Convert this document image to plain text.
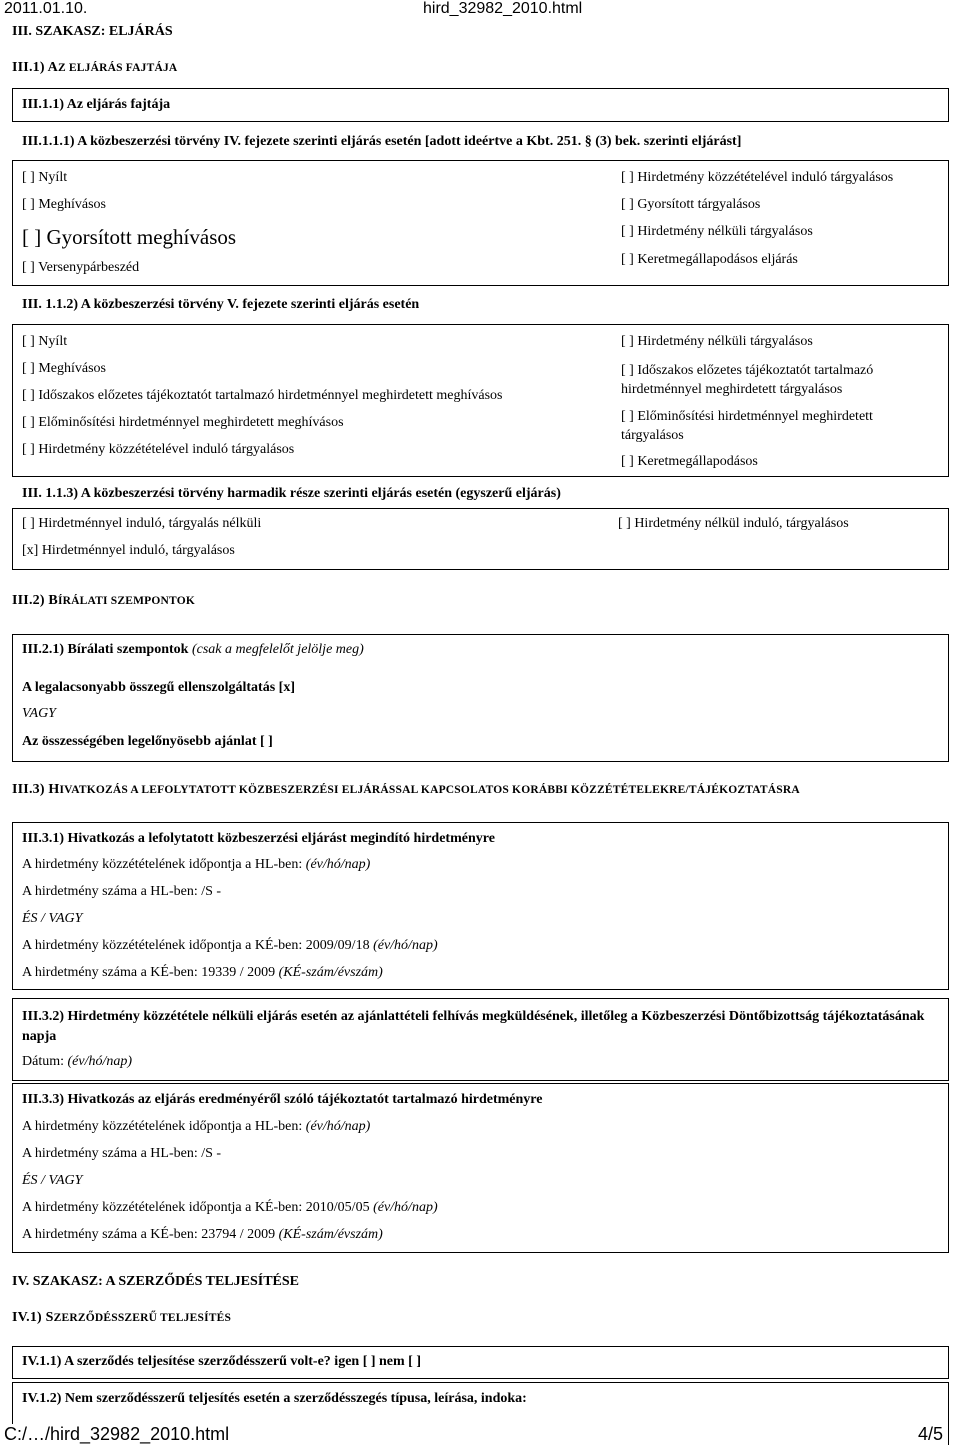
2011.01.10.	hird_32982_2010.html
III. SZAKASZ: ELJÁRÁS
III.1) AZ ELJÁRÁS FAJTÁJA
III.1.1) Az eljárás fajtája
III.1.1.1) A közbeszerzési törvény IV. fejezete szerinti eljárás esetén [adott ideértve a Kbt. 251. § (3) bek. szerinti eljárást]
[ ] Nyílt
[ ] Meghívásos
[ ] Gyorsított meghívásos
[ ] Versenypárbeszéd
[ ] Hirdetmény közzétételével induló tárgyalásos
[ ] Gyorsított tárgyalásos
[ ] Hirdetmény nélküli tárgyalásos
[ ] Keretmegállapodásos eljárás
III. 1.1.2) A közbeszerzési törvény V. fejezete szerinti eljárás esetén
[ ] Nyílt
[ ] Meghívásos
[ ] Időszakos előzetes tájékoztatót tartalmazó hirdetménnyel meghirdetett meghívásos
[ ] Előminősítési hirdetménnyel meghirdetett meghívásos
[ ] Hirdetmény közzétételével induló tárgyalásos
[ ] Hirdetmény nélküli tárgyalásos
[ ] Időszakos előzetes tájékoztatót tartalmazó hirdetménnyel meghirdetett tárgyalásos
[ ] Előminősítési hirdetménnyel meghirdetett tárgyalásos
[ ] Keretmegállapodásos
III. 1.1.3) A közbeszerzési törvény harmadik része szerinti eljárás esetén (egyszerű eljárás)
[ ] Hirdetménnyel induló, tárgyalás nélküli
[x] Hirdetménnyel induló, tárgyalásos
[ ] Hirdetmény nélkül induló, tárgyalásos
III.2) BÍRÁLATI SZEMPONTOK
III.2.1) Bírálati szempontok (csak a megfelelőt jelölje meg)
A legalacsonyabb összegű ellenszolgáltatás [x]
VAGY
Az összességében legelőnyösebb ajánlat [ ]
III.3) HIVATKOZÁS A LEFOLYTATOTT KÖZBESZERZÉSI ELJÁRÁSSAL KAPCSOLATOS KORÁBBI KÖZZÉTÉTELEKRE/TÁJÉKOZTATÁSRA
III.3.1) Hivatkozás a lefolytatott közbeszerzési eljárást megindító hirdetményre
A hirdetmény közzétételének időpontja a HL-ben: (év/hó/nap)
A hirdetmény száma a HL-ben: /S -
ÉS / VAGY
A hirdetmény közzétételének időpontja a KÉ-ben: 2009/09/18 (év/hó/nap)
A hirdetmény száma a KÉ-ben: 19339 / 2009 (KÉ-szám/évszám)
III.3.2) Hirdetmény közzététele nélküli eljárás esetén az ajánlattételi felhívás megküldésének, illetőleg a Közbeszerzési Döntőbizottság tájékoztatásának napja
Dátum: (év/hó/nap)
III.3.3) Hivatkozás az eljárás eredményéről szóló tájékoztatót tartalmazó hirdetményre
A hirdetmény közzétételének időpontja a HL-ben: (év/hó/nap)
A hirdetmény száma a HL-ben: /S -
ÉS / VAGY
A hirdetmény közzétételének időpontja a KÉ-ben: 2010/05/05 (év/hó/nap)
A hirdetmény száma a KÉ-ben: 23794 / 2009 (KÉ-szám/évszám)
IV. SZAKASZ: A SZERZŐDÉS TELJESÍTÉSE
IV.1) SZERZŐDÉSSZERŰ TELJESÍTÉS
IV.1.1) A szerződés teljesítése szerződésszerű volt-e? igen [ ] nem [ ]
IV.1.2) Nem szerződésszerű teljesítés esetén a szerződésszegés típusa, leírása, indoka:
C:/…/hird_32982_2010.html	4/5
